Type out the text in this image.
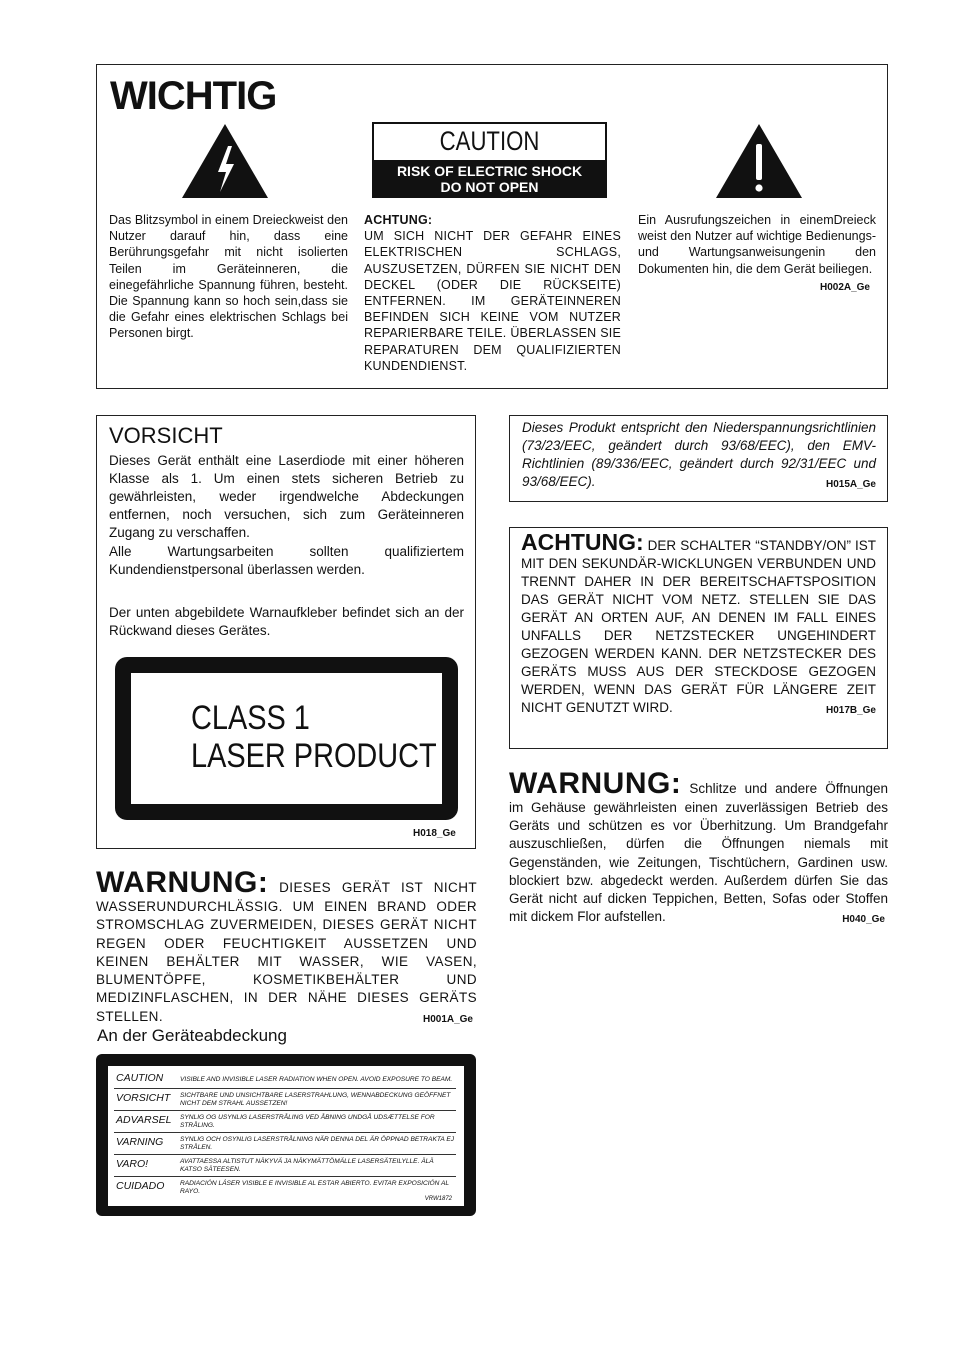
WICHTIG
CAUTION
RISK OF ELECTRIC SHOCK
DO NOT OPEN
Das Blitzsymbol in einem Dreieckweist den Nutzer darauf hin, dass eine Berührungsgefahr mit nicht isolierten Teilen im Geräteinneren, die einegefährliche Spannung führen, besteht. Die Spannung kann so hoch sein,dass sie die Gefahr eines elektrischen Schlags bei Personen birgt.
ACHTUNG:
UM SICH NICHT DER GEFAHR EINES ELEKTRISCHEN SCHLAGS, AUSZUSETZEN, DÜRFEN SIE NICHT DEN DECKEL (ODER DIE RÜCKSEITE) ENTFERNEN. IM GERÄTEINNEREN BEFINDEN SICH KEINE VOM NUTZER REPARIERBARE TEILE. ÜBERLASSEN SIE REPARATUREN DEM QUALIFIZIERTEN KUNDENDIENST.
Ein Ausrufungszeichen in einemDreieck weist den Nutzer auf wichtige Bedienungs- und Wartungsanweisungenin den Dokumenten hin, die dem Gerät beiliegen.
H002A_Ge
VORSICHT
Dieses Gerät enthält eine Laserdiode mit einer höheren Klasse als 1. Um einen stets sicheren Betrieb zu gewährleisten, weder irgendwelche Abdeckungen entfernen, noch versuchen, sich zum Geräteinneren Zugang zu verschaffen.
Alle Wartungsarbeiten sollten qualifiziertem Kundendienstpersonal überlassen werden.
Der unten abgebildete Warnaufkleber befindet sich an der Rückwand dieses Gerätes.
CLASS 1
LASER PRODUCT
H018_Ge
WARNUNG: DIESES GERÄT IST NICHT WASSERUNDURCHLÄSSIG. UM EINEN BRAND ODER STROMSCHLAG ZUVERMEIDEN, DIESES GERÄT NICHT REGEN ODER FEUCHTIGKEIT AUSSETZEN UND KEINEN BEHÄLTER MIT WASSER, WIE VASEN, BLUMENTÖPFE, KOSMETIKBEHÄLTER UND MEDIZINFLASCHEN, IN DER NÄHE DIESES GERÄTS STELLEN.	H001A_Ge
An der Geräteabdeckung
CAUTION	VISIBLE AND INVISIBLE LASER RADIATION WHEN OPEN. AVOID EXPOSURE TO BEAM.
VORSICHT SICHTBARE UND UNSICHTBARE LASERSTRAHLUNG, WENNABDECKUNG GEÖFFNET NICHT DEM STRAHL AUSSETZEN!
ADVARSEL SYNLIG OG USYNLIG LASERSTRÅLING VED ÅBNING UNDGÅ UDSÆTTELSE FOR STRÅLING.
VARNING	SYNLIG OCH OSYNLIG LASERSTRÅLNING NÄR DENNA DEL ÄR ÖPPNAD BETRAKTA EJ STRÅLEN.
VARO!	AVATTAESSA ALTISTUT NÄKYVÄ JA NÄKYMÄTTÖMÄLLE LASERSÄTEILYLLE. ÄLÄ KATSO SÄTEESEN.
CUIDADO RADIACIÓN LÁSER VISIBLE E INVISIBLE AL ESTAR ABIERTO. EVITAR EXPOSICIÓN AL RAYO.
VRW1872
Dieses Produkt entspricht den Niederspannungsrichtlinien (73/23/EEC, geändert durch 93/68/EEC), den EMV-Richtlinien (89/336/EEC, geändert durch 92/31/EEC und 93/68/EEC).	H015A_Ge
ACHTUNG: DER SCHALTER “STANDBY/ON” IST MIT DEN SEKUNDÄR-WICKLUNGEN VERBUNDEN UND TRENNT DAHER IN DER BEREITSCHAFTSPOSITION DAS GERÄT NICHT VOM NETZ. STELLEN SIE DAS GERÄT AN ORTEN AUF, AN DENEN IM FALL EINES UNFALLS DER NETZSTECKER UNGEHINDERT GEZOGEN WERDEN KANN. DER NETZSTECKER DES GERÄTS MUSS AUS DER STECKDOSE GEZOGEN WERDEN, WENN DAS GERÄT FÜR LÄNGERE ZEIT NICHT GENUTZT WIRD.	H017B_Ge
WARNUNG: Schlitze und andere Öffnungen im Gehäuse gewährleisten einen zuverlässigen Betrieb des Geräts und schützen es vor Überhitzung. Um Brandgefahr auszuschließen, dürfen die Öffnungen niemals mit Gegenständen, wie Zeitungen, Tischtüchern, Gardinen usw. blockiert bzw. abgedeckt werden. Außerdem dürfen Sie das Gerät nicht auf dicken Teppichen, Betten, Sofas oder Stoffen mit dickem Flor aufstellen.	H040_Ge
